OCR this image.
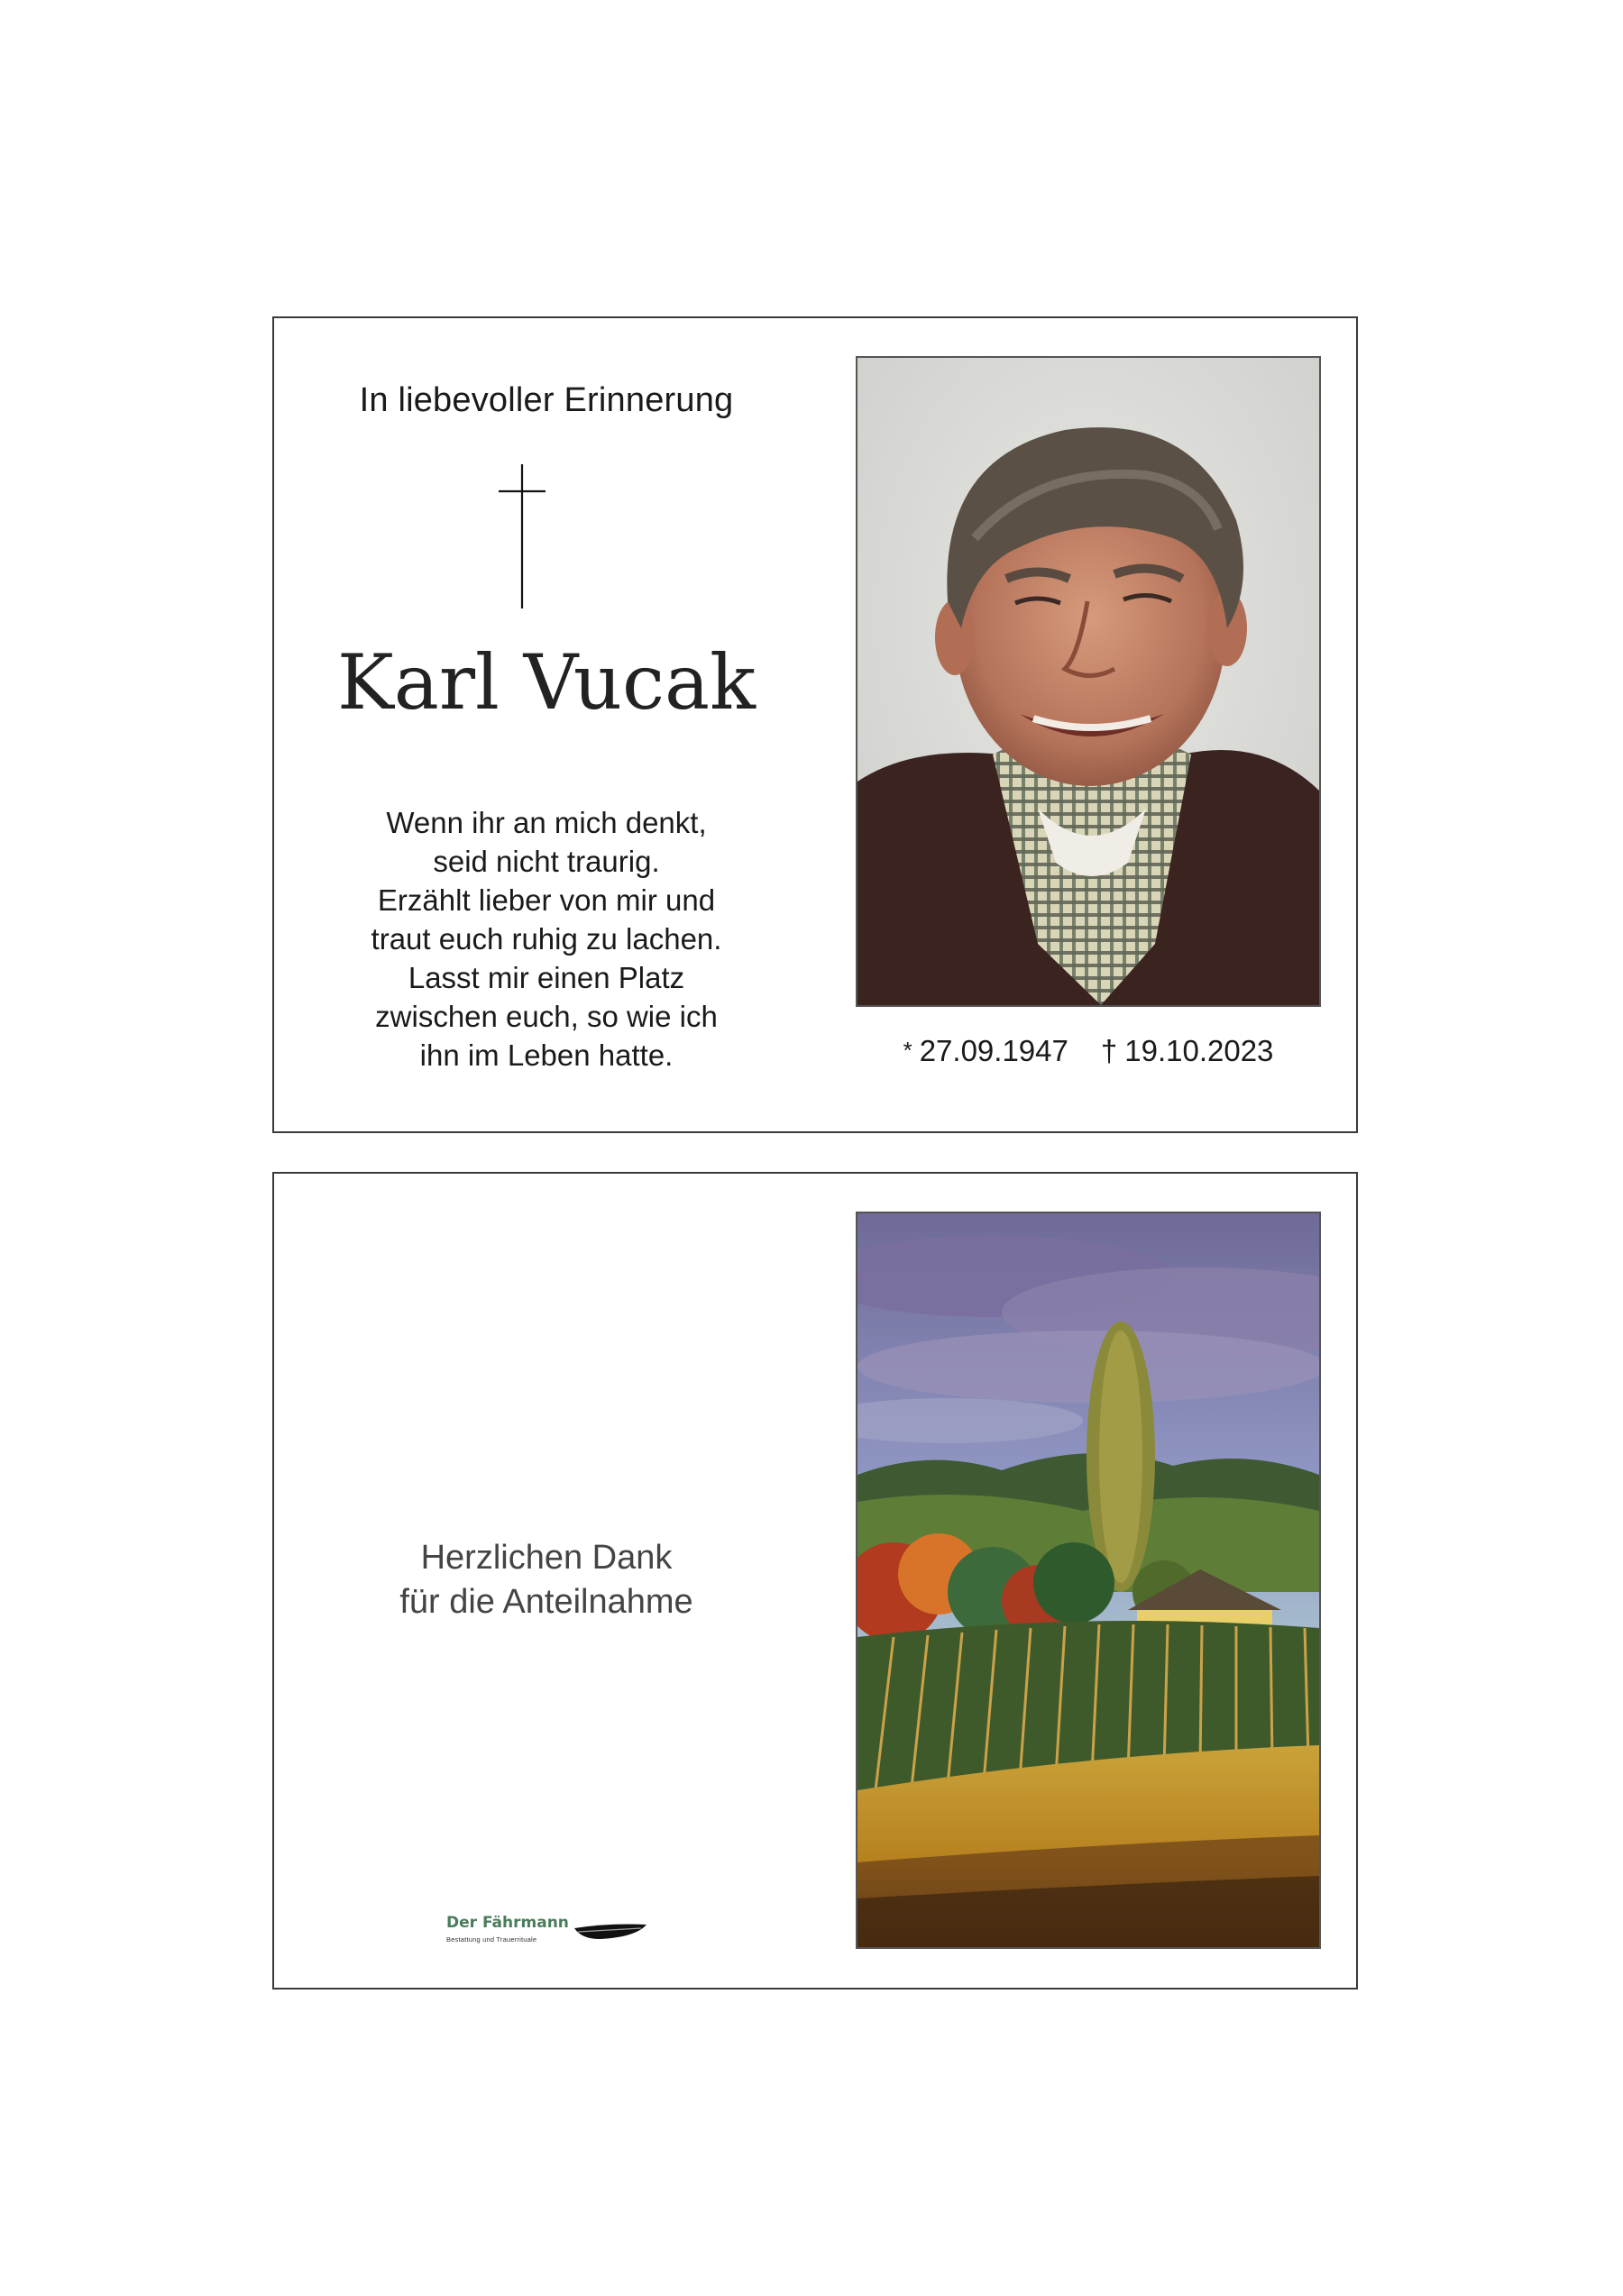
In liebevoller Erinnerung
Karl Vucak
Wenn ihr an mich denkt,
seid nicht traurig.
Erzählt lieber von mir und
traut euch ruhig zu lachen.
Lasst mir einen Platz
zwischen euch, so wie ich
ihn im Leben hatte.	* 27.09.1947 † 19.10.2023
Herzlichen Dank
für die Anteilnahme
Der Fährmann
Bestattung und Trauerrituale
